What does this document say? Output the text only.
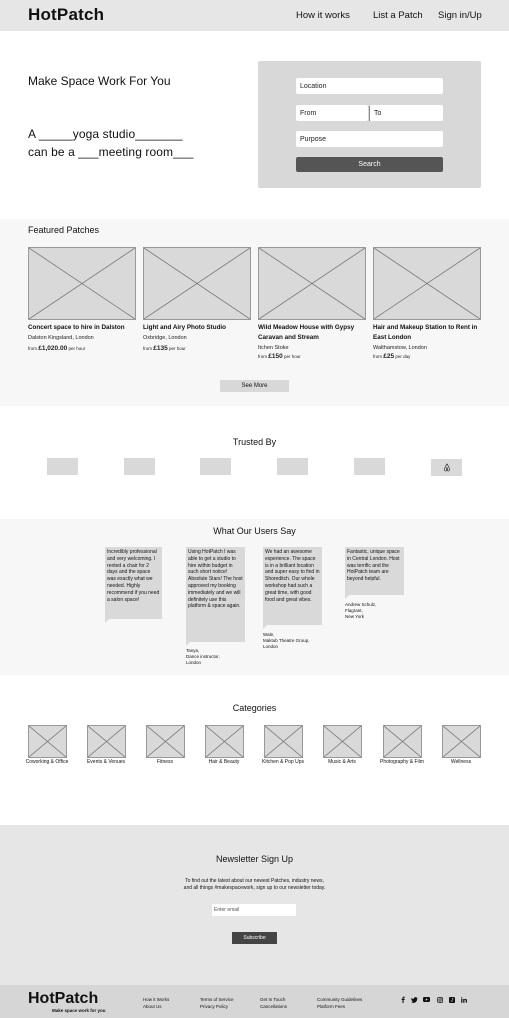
HotPatch	How it works List a Patch Sign in/Up
Make Space Work For You
A _____yoga studio_______
can be a ___meeting room___
Location
From	To
Purpose
Search
Featured Patches
Concert space to hire in Dalston
Dalston Kingsland, London
from £1,020.00 per hour
Light and Airy Photo Studio
Oxbridge, London
from £135 per hour
Wild Meadow House with Gypsy Caravan and Stream
Itchen Stoke
from £150 per hour
Hair and Makeup Station to Rent in East London
Walthamstow, London
from £25 per day
See More
Trusted By
What Our Users Say
Incredibly professional and very welcoming. I rented a chair for 2 days and the space was exactly what we needed. Highly recommend if you need a salon space!
Using HotPatch I was able to get a studio to hire within budget in such short notice! Absolute Stars! The host approved my booking immediately and we will definitely use this platform & space again.
Tanya,
Dance instructor,
London
We had an awesome experience. The space is in a brilliant location and super easy to find in Shoreditch. Our whole workshop had such a great time, with good food and great vibes.
Wale,
Maktub Theatre Group,
London
Fantastic, unique space in Central London. Host was terrific and the HotPatch team are beyond helpful.
Andrew Schulz,
Flagrant,
New York
Categories
Coworking & Office	Events & Venues	Fitness	Hair & Beauty	Kitchen & Pop Ups	Music & Arts	Photography & Film	Wellness
Newsletter Sign Up
To find out the latest about our newest Patches, industry news,
and all things #makespacework, sign up to our newsletter today.
Enter email
Subscribe
HotPatch
Make space work for you
How it Works
About Us
Terms of Service
Privacy Policy
Get In Touch
Cancellations
Community Guidelines
Platform Fees
